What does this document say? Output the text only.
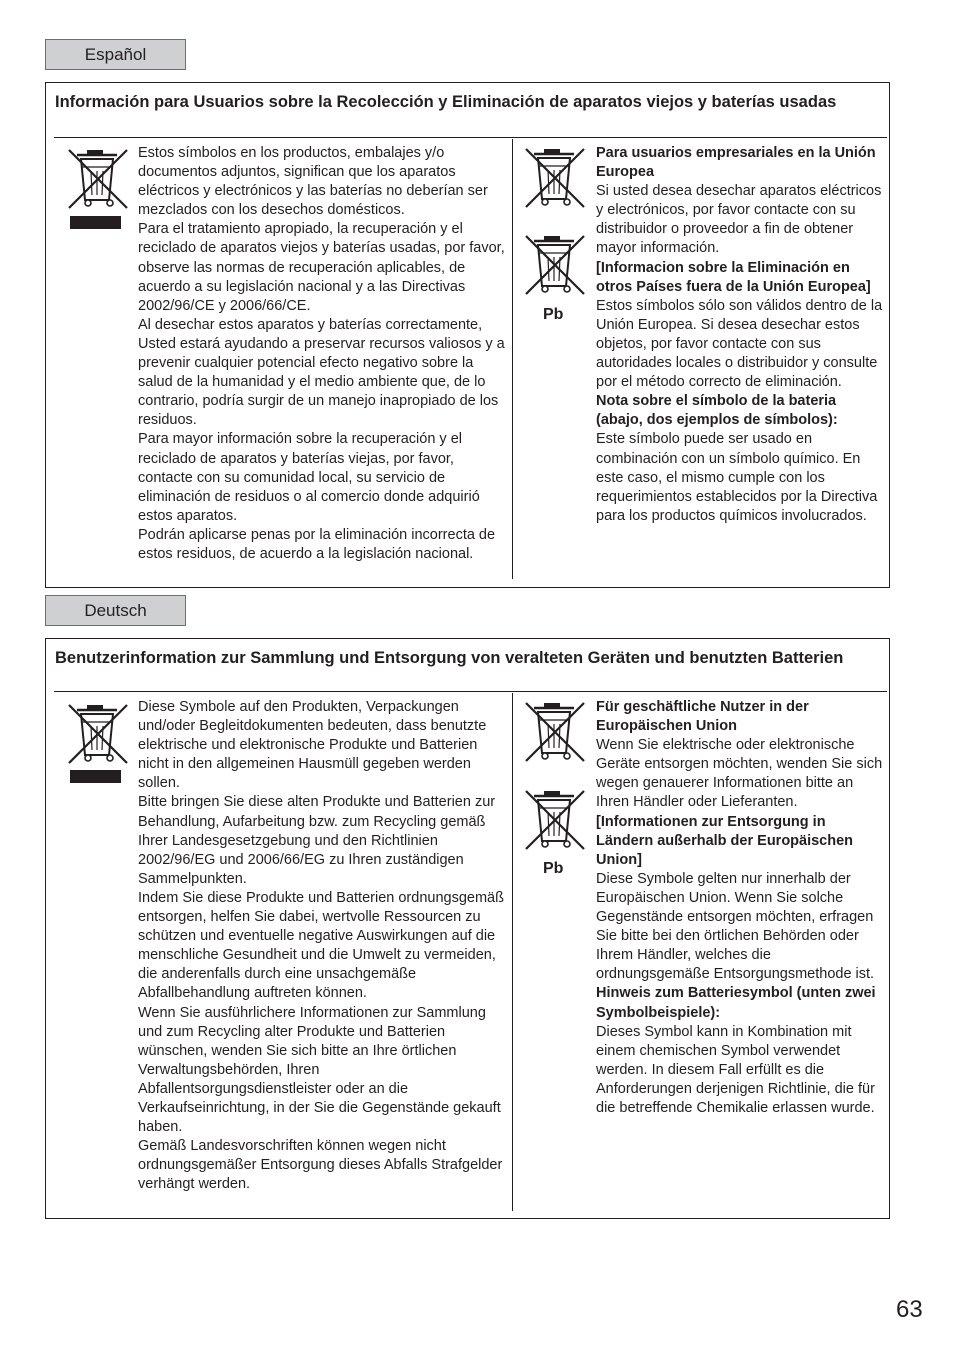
Español
Información para Usuarios sobre la Recolección y Eliminación de aparatos viejos y baterías usadas

Estos símbolos en los productos, embalajes y/o documentos adjuntos, significan que los aparatos eléctricos y electrónicos y las baterías no deberían ser mezclados con los desechos domésticos.

Para el tratamiento apropiado, la recuperación y el reciclado de aparatos viejos y baterías usadas, por favor, observe las normas de recuperación aplicables, de acuerdo a su legislación nacional y a las Directivas 2002/96/CE y 2006/66/CE.

Al desechar estos aparatos y baterías correctamente, Usted estará ayudando a preservar recursos valiosos y a prevenir cualquier potencial efecto negativo sobre la salud de la humanidad y el medio ambiente que, de lo contrario, podría surgir de un manejo inapropiado de los residuos.

Para mayor información sobre la recuperación y el reciclado de aparatos y baterías viejas, por favor, contacte con su comunidad local, su servicio de eliminación de residuos o al comercio donde adquirió estos aparatos.

Podrán aplicarse penas por la eliminación incorrecta de estos residuos, de acuerdo a la legislación nacional.

Pb

Para usuarios empresariales en la Unión Europea

Si usted desea desechar aparatos eléctricos y electrónicos, por favor contacte con su distribuidor o proveedor a fin de obtener mayor información.

[Informacion sobre la Eliminación en otros Países fuera de la Unión Europea]

Estos símbolos sólo son válidos dentro de la Unión Europea. Si desea desechar estos objetos, por favor contacte con sus autoridades locales o distribuidor y consulte por el método correcto de eliminación.

Nota sobre el símbolo de la bateria (abajo, dos ejemplos de símbolos):

Este símbolo puede ser usado en combinación con un símbolo químico. En este caso, el mismo cumple con los requerimientos establecidos por la Directiva para los productos químicos involucrados.

Deutsch
Benutzerinformation zur Sammlung und Entsorgung von veralteten Geräten und benutzten Batterien

Diese Symbole auf den Produkten, Verpackungen und/oder Begleitdokumenten bedeuten, dass benutzte elektrische und elektronische Produkte und Batterien nicht in den allgemeinen Hausmüll gegeben werden sollen.

Bitte bringen Sie diese alten Produkte und Batterien zur Behandlung, Aufarbeitung bzw. zum Recycling gemäß Ihrer Landesgesetzgebung und den Richtlinien 2002/96/EG und 2006/66/EG zu Ihren zuständigen Sammelpunkten.

Indem Sie diese Produkte und Batterien ordnungsgemäß entsorgen, helfen Sie dabei, wertvolle Ressourcen zu schützen und eventuelle negative Auswirkungen auf die menschliche Gesundheit und die Umwelt zu vermeiden, die anderenfalls durch eine unsachgemäße Abfallbehandlung auftreten können.

Wenn Sie ausführlichere Informationen zur Sammlung und zum Recycling alter Produkte und Batterien wünschen, wenden Sie sich bitte an Ihre örtlichen Verwaltungsbehörden, Ihren Abfallentsorgungsdienstleister oder an die Verkaufseinrichtung, in der Sie die Gegenstände gekauft haben.

Gemäß Landesvorschriften können wegen nicht ordnungsgemäßer Entsorgung dieses Abfalls Strafgelder verhängt werden.

Pb

Für geschäftliche Nutzer in der Europäischen Union

Wenn Sie elektrische oder elektronische Geräte entsorgen möchten, wenden Sie sich wegen genauerer Informationen bitte an Ihren Händler oder Lieferanten.

[Informationen zur Entsorgung in Ländern außerhalb der Europäischen Union]

Diese Symbole gelten nur innerhalb der Europäischen Union. Wenn Sie solche Gegenstände entsorgen möchten, erfragen Sie bitte bei den örtlichen Behörden oder Ihrem Händler, welches die ordnungsgemäße Entsorgungsmethode ist.

Hinweis zum Batteriesymbol (unten zwei Symbolbeispiele):

Dieses Symbol kann in Kombination mit einem chemischen Symbol verwendet werden. In diesem Fall erfüllt es die Anforderungen derjenigen Richtlinie, die für die betreffende Chemikalie erlassen wurde.

63
